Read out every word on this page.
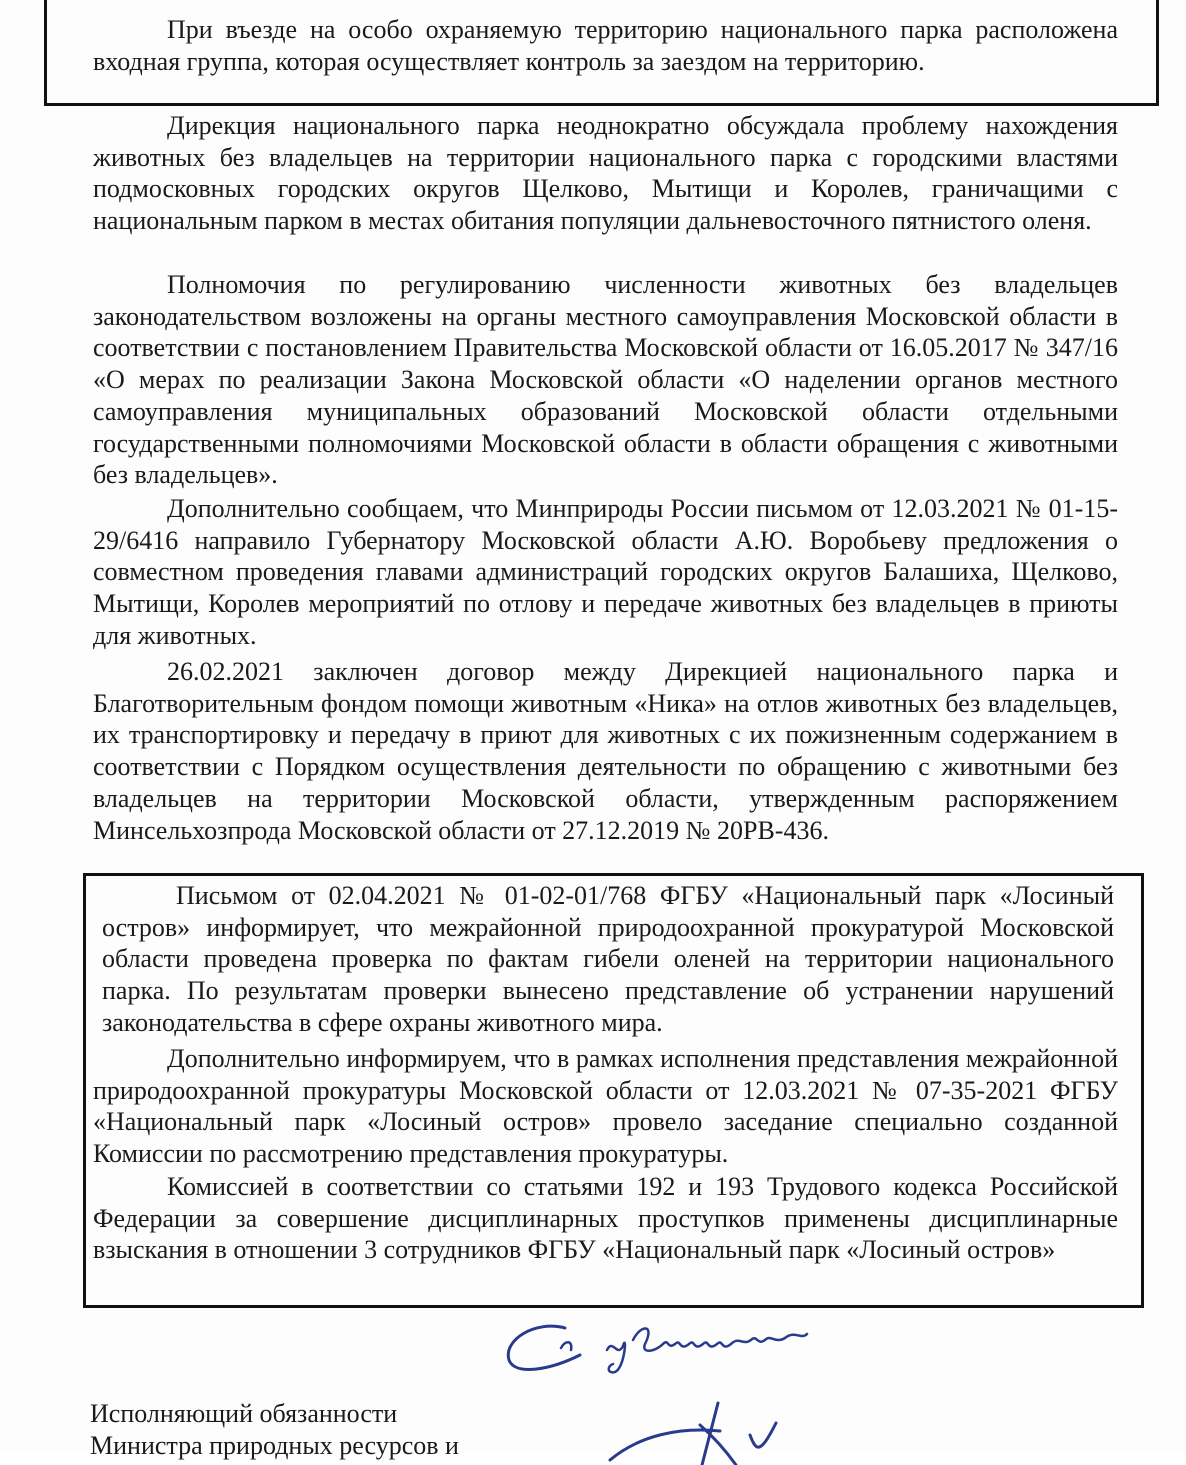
При въезде на особо охраняемую территорию национального парка расположена входная группа, которая осуществляет контроль за заездом на территорию.

Дирекция национального парка неоднократно обсуждала проблему нахождения животных без владельцев на территории национального парка с городскими властями подмосковных городских округов Щелково, Мытищи и Королев, граничащими с национальным парком в местах обитания популяции дальневосточного пятнистого оленя.

Полномочия по регулированию численности животных без владельцев законодательством возложены на органы местного самоуправления Московской области в соответствии с постановлением Правительства Московской области от 16.05.2017 № 347/16 «О мерах по реализации Закона Московской области «О наделении органов местного самоуправления муниципальных образований Московской области отдельными государственными полномочиями Московской области в области обращения с животными без владельцев».

Дополнительно сообщаем, что Минприроды России письмом от 12.03.2021 № 01-15-29/6416 направило Губернатору Московской области А.Ю. Воробьеву предложения о совместном проведения главами администраций городских округов Балашиха, Щелково, Мытищи, Королев мероприятий по отлову и передаче животных без владельцев в приюты для животных.

26.02.2021 заключен договор между Дирекцией национального парка и Благотворительным фондом помощи животным «Ника» на отлов животных без владельцев, их транспортировку и передачу в приют для животных с их пожизненным содержанием в соответствии с Порядком осуществления деятельности по обращению с животными без владельцев на территории Московской области, утвержденным распоряжением Минсельхозпрода Московской области от 27.12.2019 № 20РВ-436.

Письмом от 02.04.2021 № 01-02-01/768 ФГБУ «Национальный парк «Лосиный остров» информирует, что межрайонной природоохранной прокуратурой Московской области проведена проверка по фактам гибели оленей на территории национального парка. По результатам проверки вынесено представление об устранении нарушений законодательства в сфере охраны животного мира.

Дополнительно информируем, что в рамках исполнения представления межрайонной природоохранной прокуратуры Московской области от 12.03.2021 № 07-35-2021 ФГБУ «Национальный парк «Лосиный остров» провело заседание специально созданной Комиссии по рассмотрению представления прокуратуры.

Комиссией в соответствии со статьями 192 и 193 Трудового кодекса Российской Федерации за совершение дисциплинарных проступков применены дисциплинарные взыскания в отношении 3 сотрудников ФГБУ «Национальный парк «Лосиный остров»

Исполняющий обязанности

Министра природных ресурсов и
